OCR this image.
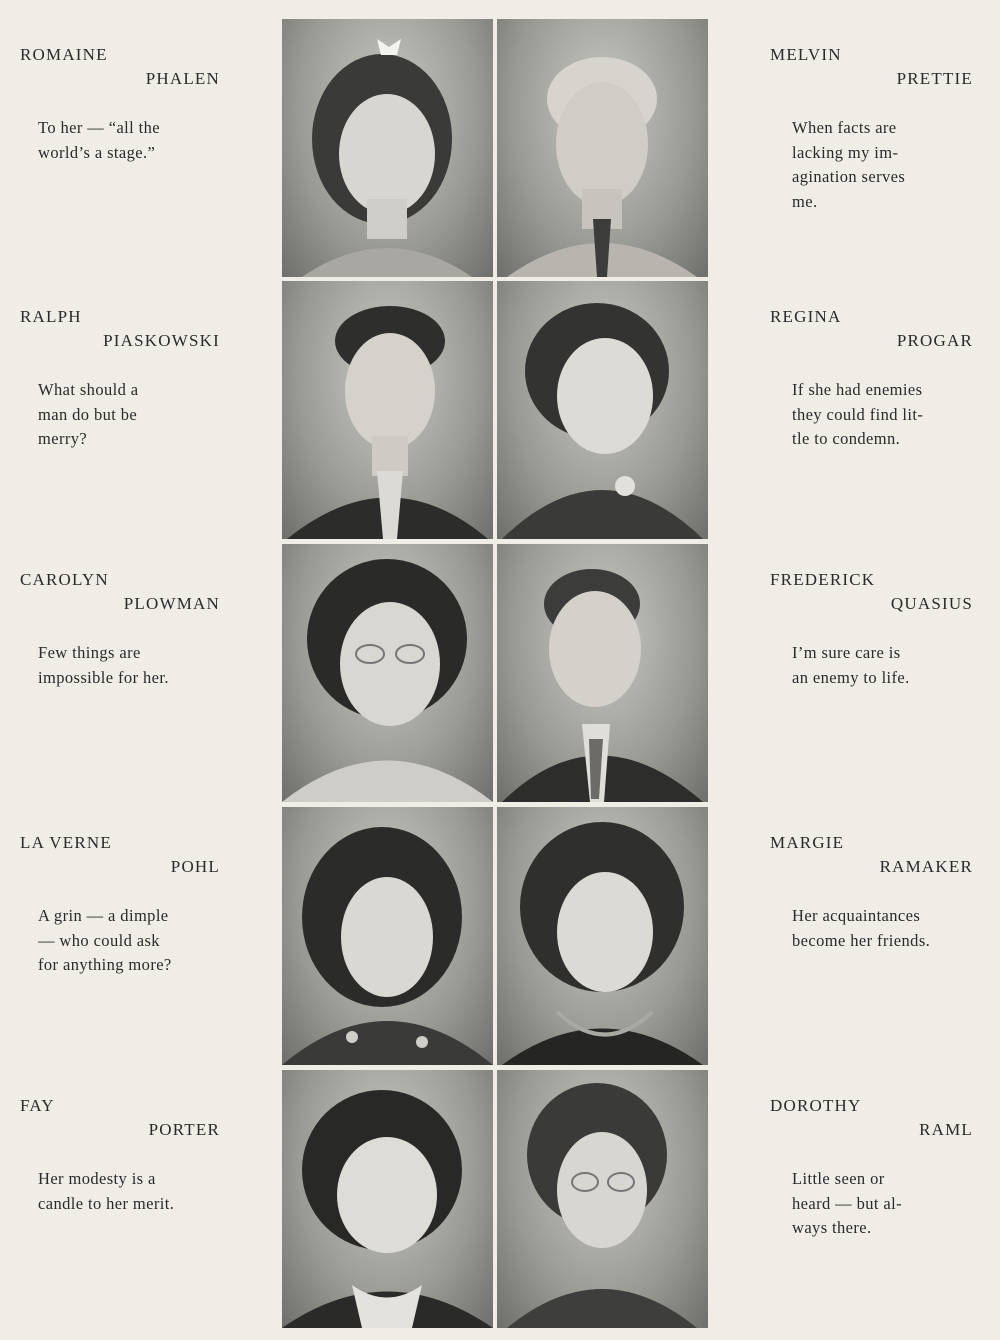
ROMAINE
PHALEN
To her — “all the
world’s a stage.”
MELVIN
PRETTIE
When facts are
lacking my im-
agination serves
me.
RALPH
PIASKOWSKI
What should a
man do but be
merry?
REGINA
PROGAR
If she had enemies
they could find lit-
tle to condemn.
CAROLYN
PLOWMAN
Few things are
impossible for her.
FREDERICK
QUASIUS
I’m sure care is
an enemy to life.
LA VERNE
POHL
A grin — a dimple
— who could ask
for anything more?
MARGIE
RAMAKER
Her acquaintances
become her friends.
FAY
PORTER
Her modesty is a
candle to her merit.
DOROTHY
RAML
Little seen or
heard — but al-
ways there.
